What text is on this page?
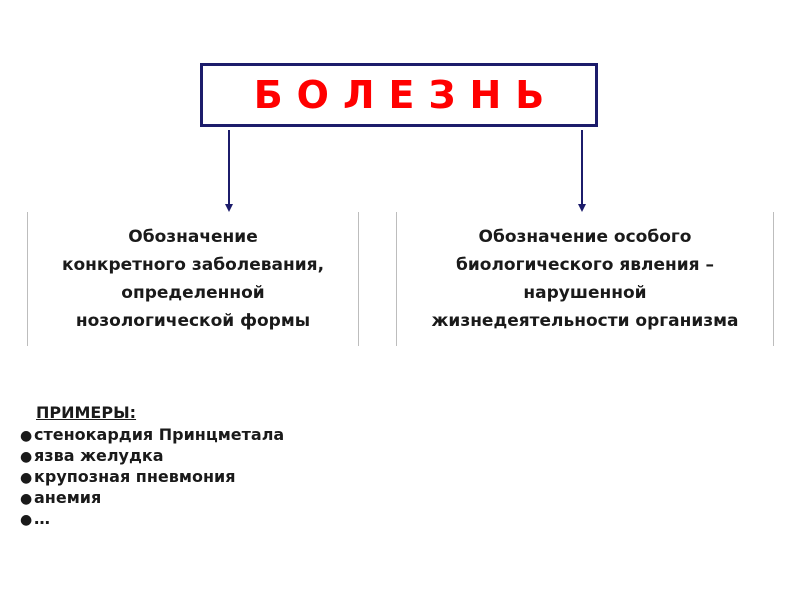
БОЛЕЗНЬ
Обозначение
конкретного заболевания,
определенной
нозологической формы
Обозначение особого
биологического явления –
нарушенной
жизнедеятельности организма
ПРИМЕРЫ:
● стенокардия Принцметала
● язва желудка
● крупозная пневмония
● анемия
● …
